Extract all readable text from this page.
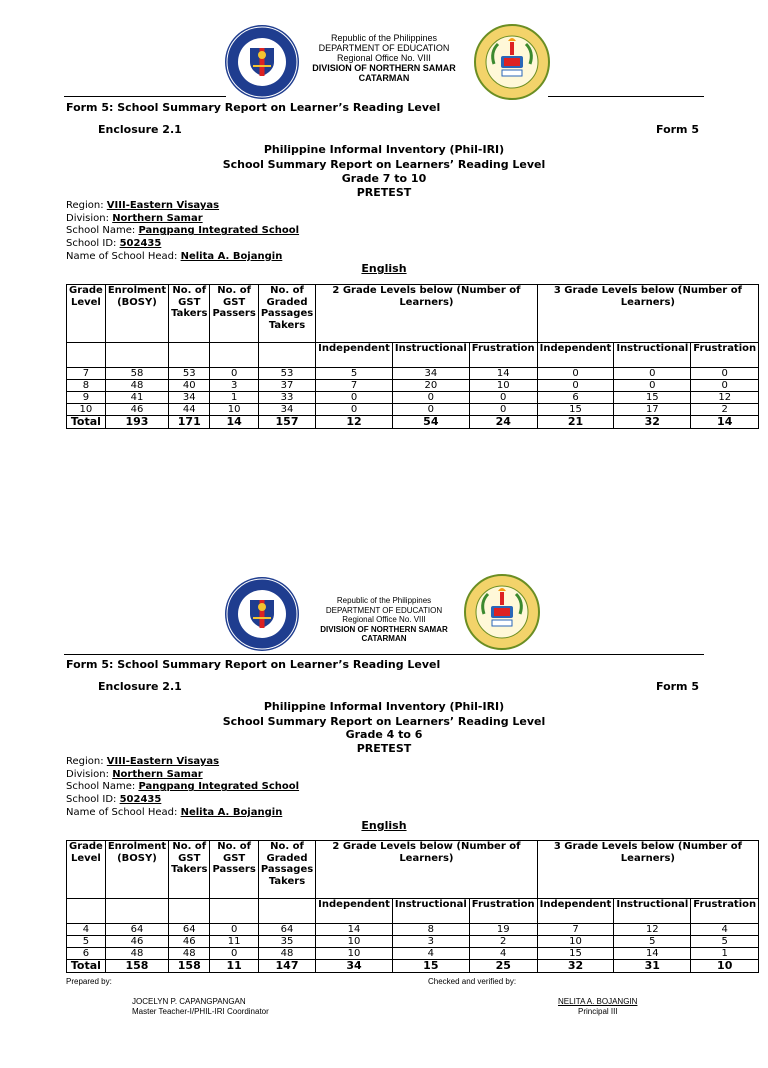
Republic of the Philippines
DEPARTMENT OF EDUCATION
Regional Office No. VIII
DIVISION OF NORTHERN SAMAR
CATARMAN
Form 5: School Summary Report on Learner’s Reading Level
Enclosure 2.1	Form 5
Philippine Informal Inventory (Phil-IRI)
School Summary Report on Learners’ Reading Level
Grade 7 to 10
PRETEST
Region: VIII-Eastern Visayas
Division: Northern Samar
School Name: Pangpang Integrated School
School ID: 502435
Name of School Head: Nelita A. Bojangin
English
Grade Level	Enrolment (BOSY)	No. of GST Takers	No. of GST Passers	No. of Graded Passages Takers	2 Grade Levels below (Number of Learners)			3 Grade Levels below (Number of Learners)		
					Independent	Instructional	Frustration	Independent	Instructional	Frustration
7	58	53	0	53	5	34	14	0	0	0
8	48	40	3	37	7	20	10	0	0	0
9	41	34	1	33	0	0	0	6	15	12
10	46	44	10	34	0	0	0	15	17	2
Total	193	171	14	157	12	54	24	21	32	14
Republic of the Philippines
DEPARTMENT OF EDUCATION
Regional Office No. VIII
DIVISION OF NORTHERN SAMAR
CATARMAN
Form 5: School Summary Report on Learner’s Reading Level
Enclosure 2.1	Form 5
Philippine Informal Inventory (Phil-IRI)
School Summary Report on Learners’ Reading Level
Grade 4 to 6
PRETEST
Region: VIII-Eastern Visayas
Division: Northern Samar
School Name: Pangpang Integrated School
School ID: 502435
Name of School Head: Nelita A. Bojangin
English
Grade Level	Enrolment (BOSY)	No. of GST Takers	No. of GST Passers	No. of Graded Passages Takers	2 Grade Levels below (Number of Learners)			3 Grade Levels below (Number of Learners)		
					Independent	Instructional	Frustration	Independent	Instructional	Frustration
4	64	64	0	64	14	8	19	7	12	4
5	46	46	11	35	10	3	2	10	5	5
6	48	48	0	48	10	4	4	15	14	1
Total	158	158	11	147	34	15	25	32	31	10
Prepared by:
JOCELYN P. CAPANGPANGAN
Master Teacher-I/PHIL-IRI Coordinator
Checked and verified by:
NELITA A. BOJANGIN
Principal III
